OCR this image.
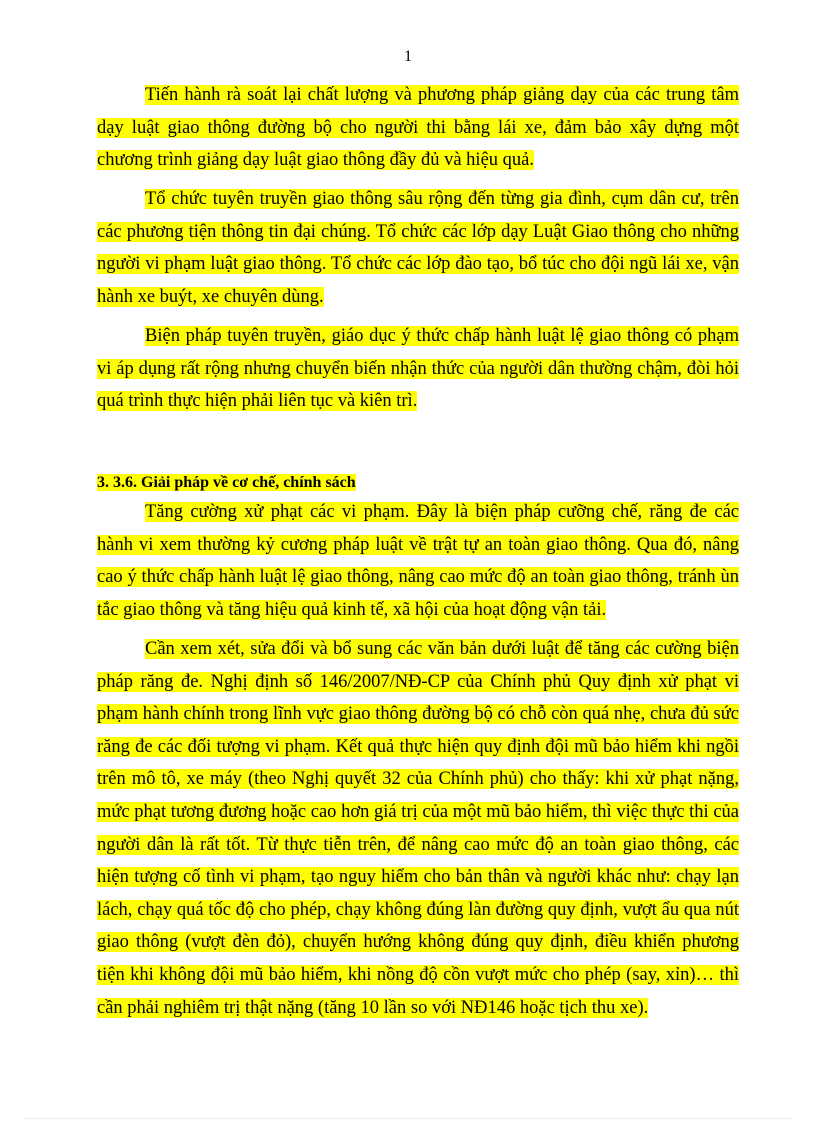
1

Tiến hành rà soát lại chất lượng và phương pháp giảng dạy của các trung tâm dạy luật giao thông đường bộ cho người thi bằng lái xe, đảm bảo xây dựng một chương trình giảng dạy luật giao thông đầy đủ và hiệu quả.

Tổ chức tuyên truyền giao thông sâu rộng đến từng gia đình, cụm dân cư, trên các phương tiện thông tin đại chúng. Tổ chức các lớp dạy Luật Giao thông cho những người vi phạm luật giao thông. Tổ chức các lớp đào tạo, bổ túc cho đội ngũ lái xe, vận hành xe buýt, xe chuyên dùng.

Biện pháp tuyên truyền, giáo dục ý thức chấp hành luật lệ giao thông có phạm vi áp dụng rất rộng nhưng chuyển biến nhận thức của người dân thường chậm, đòi hỏi quá trình thực hiện phải liên tục và kiên trì.

3. 3.6. Giải pháp về cơ chế, chính sách

Tăng cường xử phạt các vi phạm. Đây là biện pháp cưỡng chế, răng đe các hành vi xem thường kỷ cương pháp luật về trật tự an toàn giao thông. Qua đó, nâng cao ý thức chấp hành luật lệ giao thông, nâng cao mức độ an toàn giao thông, tránh ùn tắc giao thông và tăng hiệu quả kinh tế, xã hội của hoạt động vận tải.

Cần xem xét, sửa đổi và bổ sung các văn bản dưới luật để tăng các cường biện pháp răng đe. Nghị định số 146/2007/NĐ-CP của Chính phủ Quy định xử phạt vi phạm hành chính trong lĩnh vực giao thông đường bộ có chỗ còn quá nhẹ, chưa đủ sức răng đe các đối tượng vi phạm. Kết quả thực hiện quy định đội mũ bảo hiểm khi ngồi trên mô tô, xe máy (theo Nghị quyết 32 của Chính phủ) cho thấy: khi xử phạt nặng, mức phạt tương đương hoặc cao hơn giá trị của một mũ bảo hiểm, thì việc thực thi của người dân là rất tốt. Từ thực tiễn trên, để nâng cao mức độ an toàn giao thông, các hiện tượng cố tình vi phạm, tạo nguy hiểm cho bản thân và người khác như: chạy lạn lách, chạy quá tốc độ cho phép, chạy không đúng làn đường quy định, vượt ẩu qua nút giao thông (vượt đèn đỏ), chuyển hướng không đúng quy định, điều khiển phương tiện khi không đội mũ bảo hiểm, khi nồng độ cồn vượt mức cho phép (say, xỉn)… thì cần phải nghiêm trị thật nặng (tăng 10 lần so với NĐ146 hoặc tịch thu xe).
